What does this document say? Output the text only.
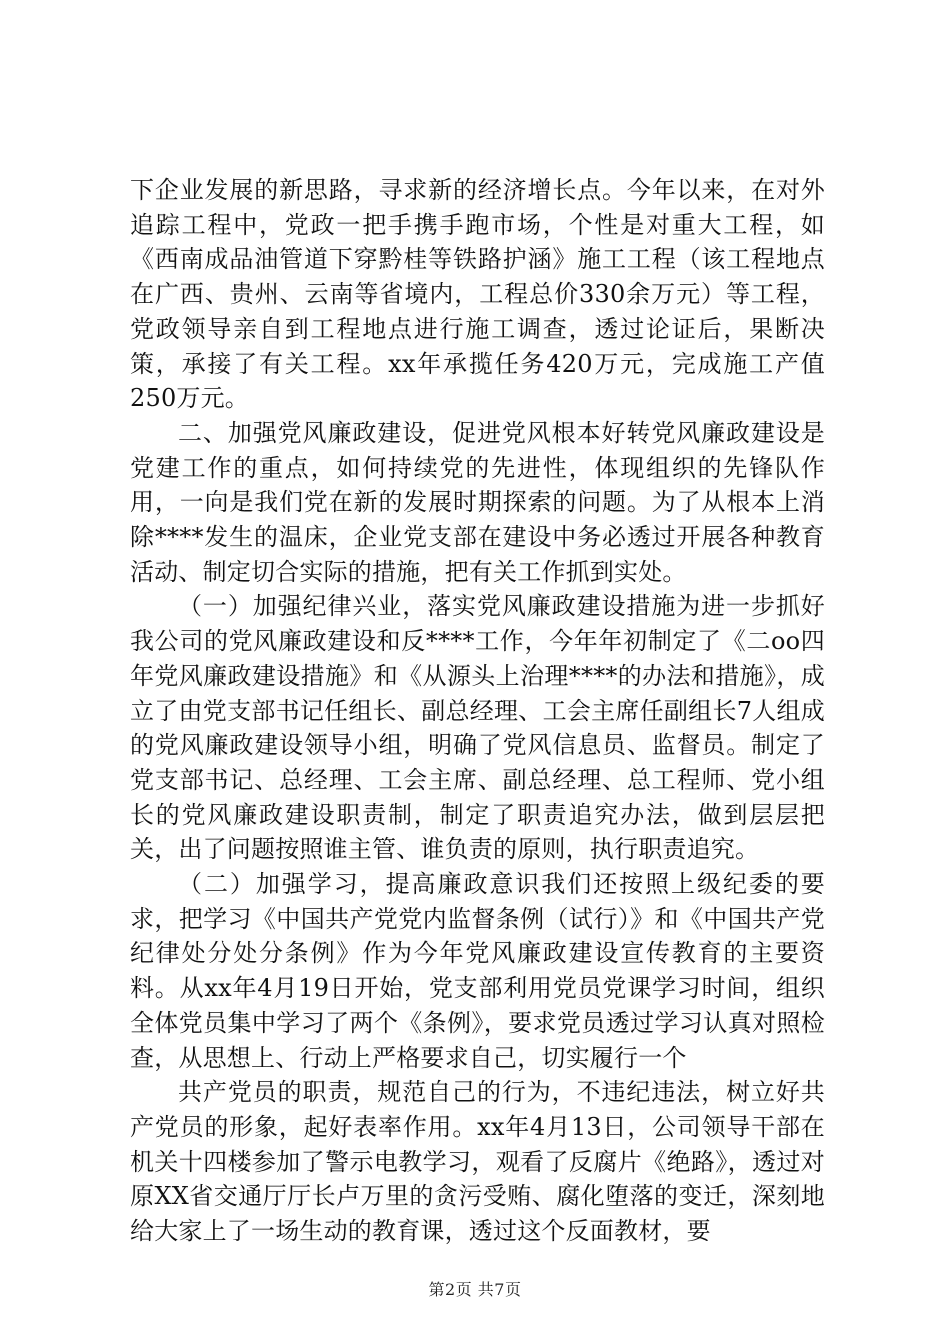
下企业发展的新思路，寻求新的经济增长点。今年以来，在对外追踪工程中，党政一把手携手跑市场，个性是对重大工程，如《西南成品油管道下穿黔桂等铁路护涵》施工工程（该工程地点在广西、贵州、云南等省境内，工程总价330余万元）等工程，党政领导亲自到工程地点进行施工调查，透过论证后，果断决策，承接了有关工程。xx年承揽任务420万元，完成施工产值250万元。

二、加强党风廉政建设，促进党风根本好转党风廉政建设是党建工作的重点，如何持续党的先进性，体现组织的先锋队作用，一向是我们党在新的发展时期探索的问题。为了从根本上消除****发生的温床，企业党支部在建设中务必透过开展各种教育活动、制定切合实际的措施，把有关工作抓到实处。

（一）加强纪律兴业，落实党风廉政建设措施为进一步抓好我公司的党风廉政建设和反****工作，今年年初制定了《二oo四年党风廉政建设措施》和《从源头上治理****的办法和措施》，成立了由党支部书记任组长、副总经理、工会主席任副组长7人组成的党风廉政建设领导小组，明确了党风信息员、监督员。制定了党支部书记、总经理、工会主席、副总经理、总工程师、党小组长的党风廉政建设职责制，制定了职责追究办法，做到层层把关，出了问题按照谁主管、谁负责的原则，执行职责追究。

（二）加强学习，提高廉政意识我们还按照上级纪委的要求，把学习《中国共产党党内监督条例（试行）》和《中国共产党纪律处分处分条例》作为今年党风廉政建设宣传教育的主要资料。从xx年4月19日开始，党支部利用党员党课学习时间，组织全体党员集中学习了两个《条例》，要求党员透过学习认真对照检查，从思想上、行动上严格要求自己，切实履行一个

共产党员的职责，规范自己的行为，不违纪违法，树立好共产党员的形象，起好表率作用。xx年4月13日，公司领导干部在机关十四楼参加了警示电教学习，观看了反腐片《绝路》，透过对原XX省交通厅厅长卢万里的贪污受贿、腐化堕落的变迁，深刻地给大家上了一场生动的教育课，透过这个反面教材，要

第2页 共7页
